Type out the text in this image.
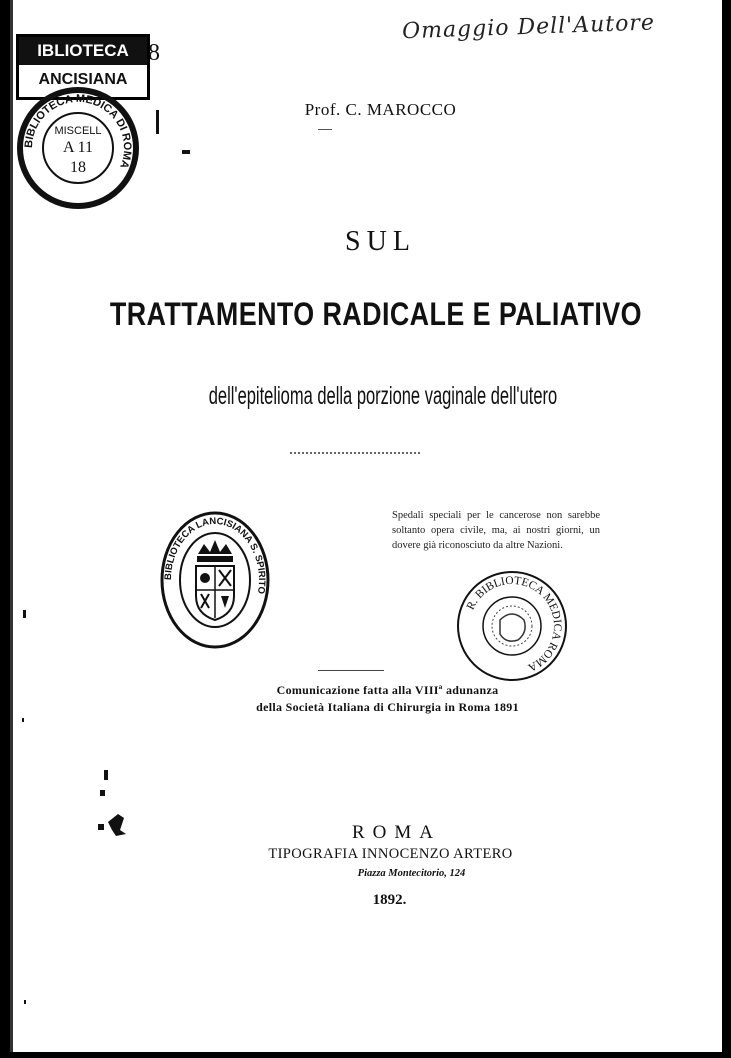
Omaggio Dell'Autore
IBLIOTECA
ANCISIANA
8
BIBLIOTECA MEDICA DI ROMA
MISCELL
A 11
18
Prof. C. MAROCCO
SUL
TRATTAMENTO RADICALE E PALIATIVO
dell'epitelioma della porzione vaginale dell'utero
BIBLIOTECA LANCISIANA S. SPIRITO
Spedali speciali per le cancerose non sarebbe soltanto opera civile, ma, ai nostri giorni, un dovere già riconosciuto da altre Nazioni.
R. BIBLIOTECA MEDICA ROMA
Comunicazione fatta alla VIIIª adunanza
della Società Italiana di Chirurgia in Roma 1891
ROMA
TIPOGRAFIA INNOCENZO ARTERO
Piazza Montecitorio, 124
1892.
